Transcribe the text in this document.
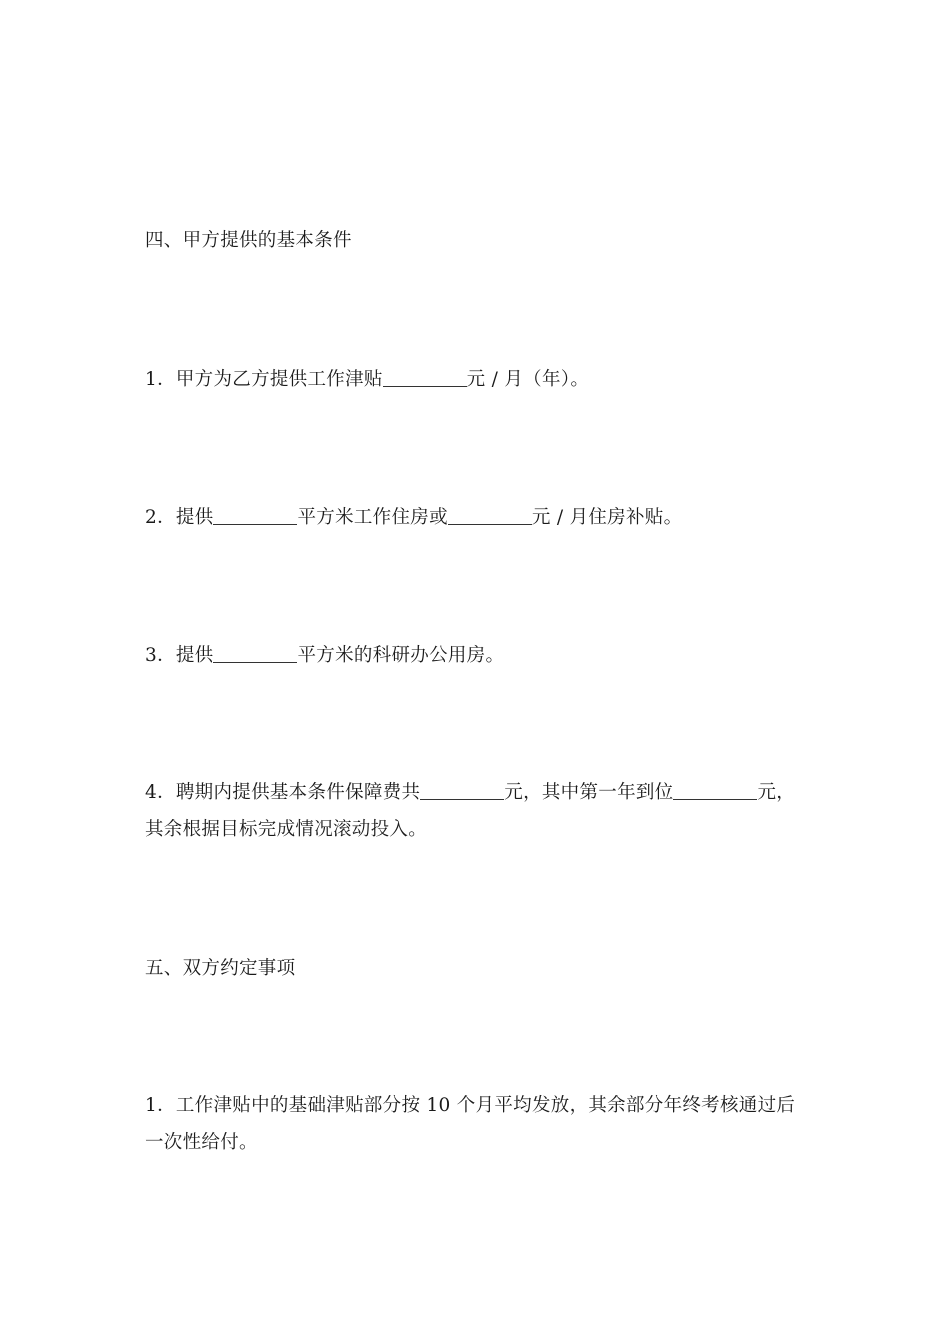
四、甲方提供的基本条件
1．甲方为乙方提供工作津贴	元 / 月（年）。
2．提供	平方米工作住房或	元 / 月住房补贴。
3．提供	平方米的科研办公用房。
4．聘期内提供基本条件保障费共	元，其中第一年到位	元，
其余根据目标完成情况滚动投入。
五、双方约定事项
1．工作津贴中的基础津贴部分按 10 个月平均发放，其余部分年终考核通过后
一次性给付。
